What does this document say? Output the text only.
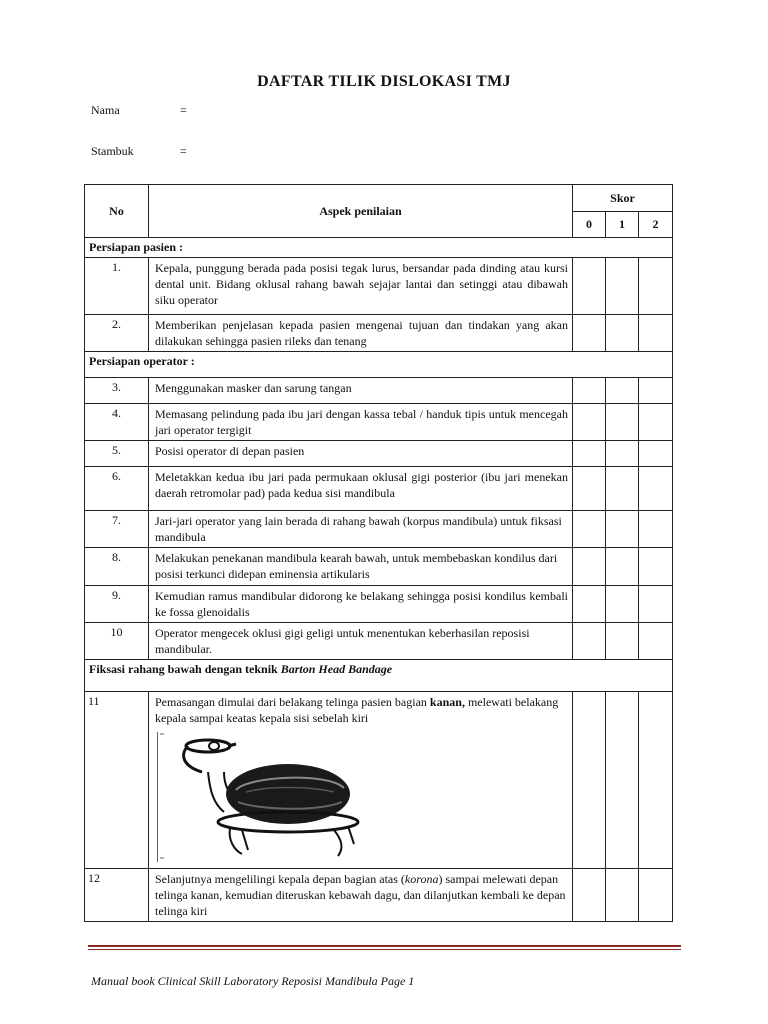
DAFTAR TILIK DISLOKASI TMJ
Nama	=
Stambuk	=
No	Aspek penilaian	Skor		
		0	1	2
Persiapan pasien :				
1.	Kepala, punggung berada pada posisi tegak lurus, bersandar pada dinding atau kursi dental unit. Bidang oklusal rahang bawah sejajar lantai dan setinggi atau dibawah siku operator			
2.	Memberikan penjelasan kepada pasien mengenai tujuan dan tindakan yang akan dilakukan sehingga pasien rileks dan tenang			
Persiapan operator :				
3.	Menggunakan masker dan sarung tangan			
4.	Memasang pelindung pada ibu jari dengan kassa tebal / handuk tipis untuk mencegah jari operator tergigit			
5.	Posisi operator di depan pasien			
6.	Meletakkan kedua ibu jari pada permukaan oklusal gigi posterior (ibu jari menekan daerah retromolar pad) pada kedua sisi mandibula			
7.	Jari-jari operator yang lain berada di rahang bawah (korpus mandibula) untuk fiksasi mandibula			
8.	Melakukan penekanan mandibula kearah bawah, untuk membebaskan kondilus dari posisi terkunci didepan eminensia artikularis			
9.	Kemudian ramus mandibular didorong ke belakang sehingga posisi kondilus kembali ke fossa glenoidalis			
10	Operator mengecek oklusi gigi geligi untuk menentukan keberhasilan reposisi mandibular.			
Fiksasi rahang bawah dengan teknik Barton Head Bandage				
11	Pemasangan dimulai dari belakang telinga pasien bagian kanan, melewati belakang kepala sampai keatas kepala sisi sebelah kiri

12	Selanjutnya mengelilingi kepala depan bagian atas (korona) sampai melewati depan telinga kanan, kemudian diteruskan kebawah dagu, dan dilanjutkan kembali ke depan telinga kiri			
Manual book Clinical Skill Laboratory Reposisi Mandibula Page 1
